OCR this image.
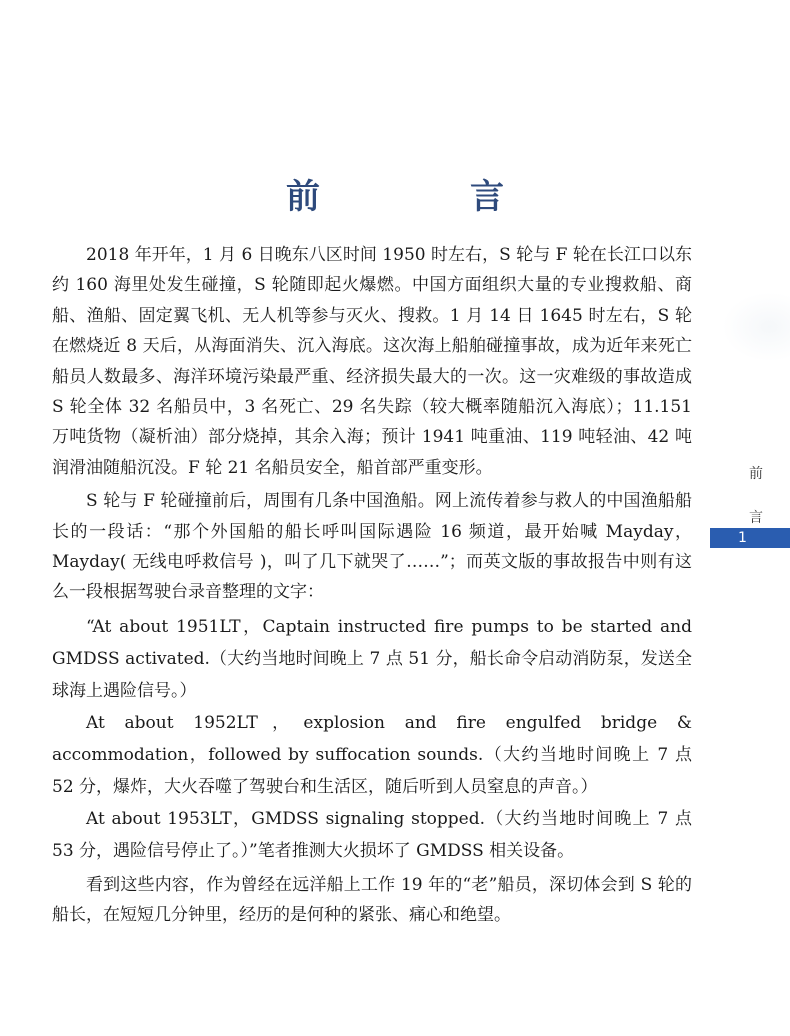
前　言

2018 年开年，1 月 6 日晚东八区时间 1950 时左右，S 轮与 F 轮在长江口以东约 160 海里处发生碰撞，S 轮随即起火爆燃。中国方面组织大量的专业搜救船、商船、渔船、固定翼飞机、无人机等参与灭火、搜救。1 月 14 日 1645 时左右，S 轮在燃烧近 8 天后，从海面消失、沉入海底。这次海上船舶碰撞事故，成为近年来死亡船员人数最多、海洋环境污染最严重、经济损失最大的一次。这一灾难级的事故造成 S 轮全体 32 名船员中，3 名死亡、29 名失踪（较大概率随船沉入海底）；11.151 万吨货物（凝析油）部分烧掉，其余入海；预计 1941 吨重油、119 吨轻油、42 吨润滑油随船沉没。F 轮 21 名船员安全，船首部严重变形。

S 轮与 F 轮碰撞前后，周围有几条中国渔船。网上流传着参与救人的中国渔船船长的一段话：“那个外国船的船长呼叫国际遇险 16 频道，最开始喊 Mayday，Mayday( 无线电呼救信号 )，叫了几下就哭了……”；而英文版的事故报告中则有这么一段根据驾驶台录音整理的文字：

“At about 1951LT，Captain instructed fire pumps to be started and GMDSS activated.（大约当地时间晚上 7 点 51 分，船长命令启动消防泵，发送全球海上遇险信号。）

At about 1952LT，explosion and fire engulfed bridge & accommodation，followed by suffocation sounds.（大约当地时间晚上 7 点 52 分，爆炸，大火吞噬了驾驶台和生活区，随后听到人员窒息的声音。）

At about 1953LT，GMDSS signaling stopped.（大约当地时间晚上 7 点 53 分，遇险信号停止了。）”笔者推测大火损坏了 GMDSS 相关设备。

看到这些内容，作为曾经在远洋船上工作 19 年的“老”船员，深切体会到 S 轮的船长，在短短几分钟里，经历的是何种的紧张、痛心和绝望。

前
言
1
